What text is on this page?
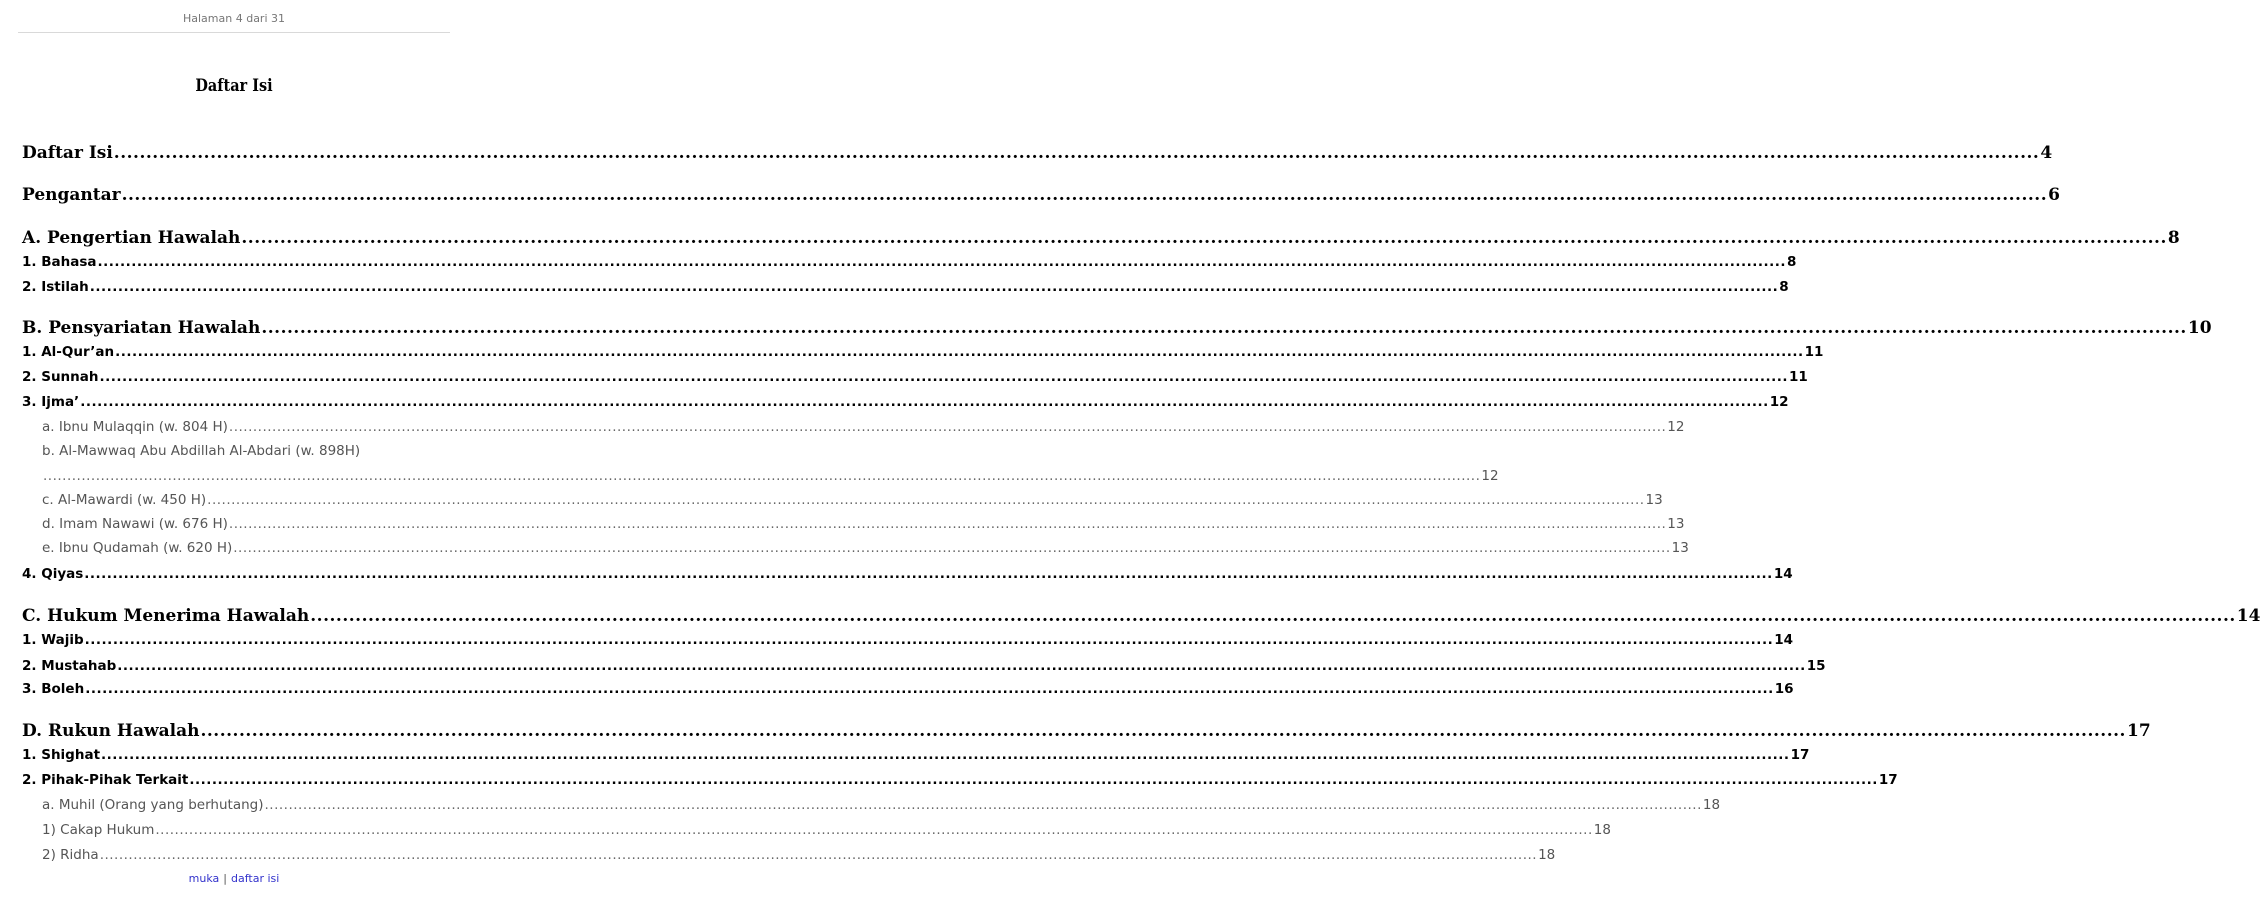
Halaman 4 dari 31
Daftar Isi
Daftar Isi ............................................................................................................................................................................................................................................................................................................ 4
Pengantar ............................................................................................................................................................................................................................................................................................................ 6
A. Pengertian Hawalah ............................................................................................................................................................................................................................................................................................................ 8
1. Bahasa ............................................................................................................................................................................................................................................................................................................ 8
2. Istilah ............................................................................................................................................................................................................................................................................................................ 8
B. Pensyariatan Hawalah ............................................................................................................................................................................................................................................................................................................ 10
1. Al-Qur’an ............................................................................................................................................................................................................................................................................................................ 11
2. Sunnah ............................................................................................................................................................................................................................................................................................................ 11
3. Ijma’ ............................................................................................................................................................................................................................................................................................................ 12
a. Ibnu Mulaqqin (w. 804 H) ............................................................................................................................................................................................................................................................................................................ 12
b. Al-Mawwaq Abu Abdillah Al-Abdari (w. 898H)
............................................................................................................................................................................................................................................................................................................ 12
c. Al-Mawardi (w. 450 H) ............................................................................................................................................................................................................................................................................................................ 13
d. Imam Nawawi (w. 676 H) ............................................................................................................................................................................................................................................................................................................ 13
e. Ibnu Qudamah (w. 620 H) ............................................................................................................................................................................................................................................................................................................ 13
4. Qiyas ............................................................................................................................................................................................................................................................................................................ 14
C. Hukum Menerima Hawalah ............................................................................................................................................................................................................................................................................................................ 14
1. Wajib ............................................................................................................................................................................................................................................................................................................ 14
2. Mustahab ............................................................................................................................................................................................................................................................................................................ 15
3. Boleh ............................................................................................................................................................................................................................................................................................................ 16
D. Rukun Hawalah ............................................................................................................................................................................................................................................................................................................ 17
1. Shighat ............................................................................................................................................................................................................................................................................................................ 17
2. Pihak-Pihak Terkait ............................................................................................................................................................................................................................................................................................................ 17
a. Muhil (Orang yang berhutang) ............................................................................................................................................................................................................................................................................................................ 18
1) Cakap Hukum ............................................................................................................................................................................................................................................................................................................ 18
2) Ridha ............................................................................................................................................................................................................................................................................................................ 18
muka | daftar isi
